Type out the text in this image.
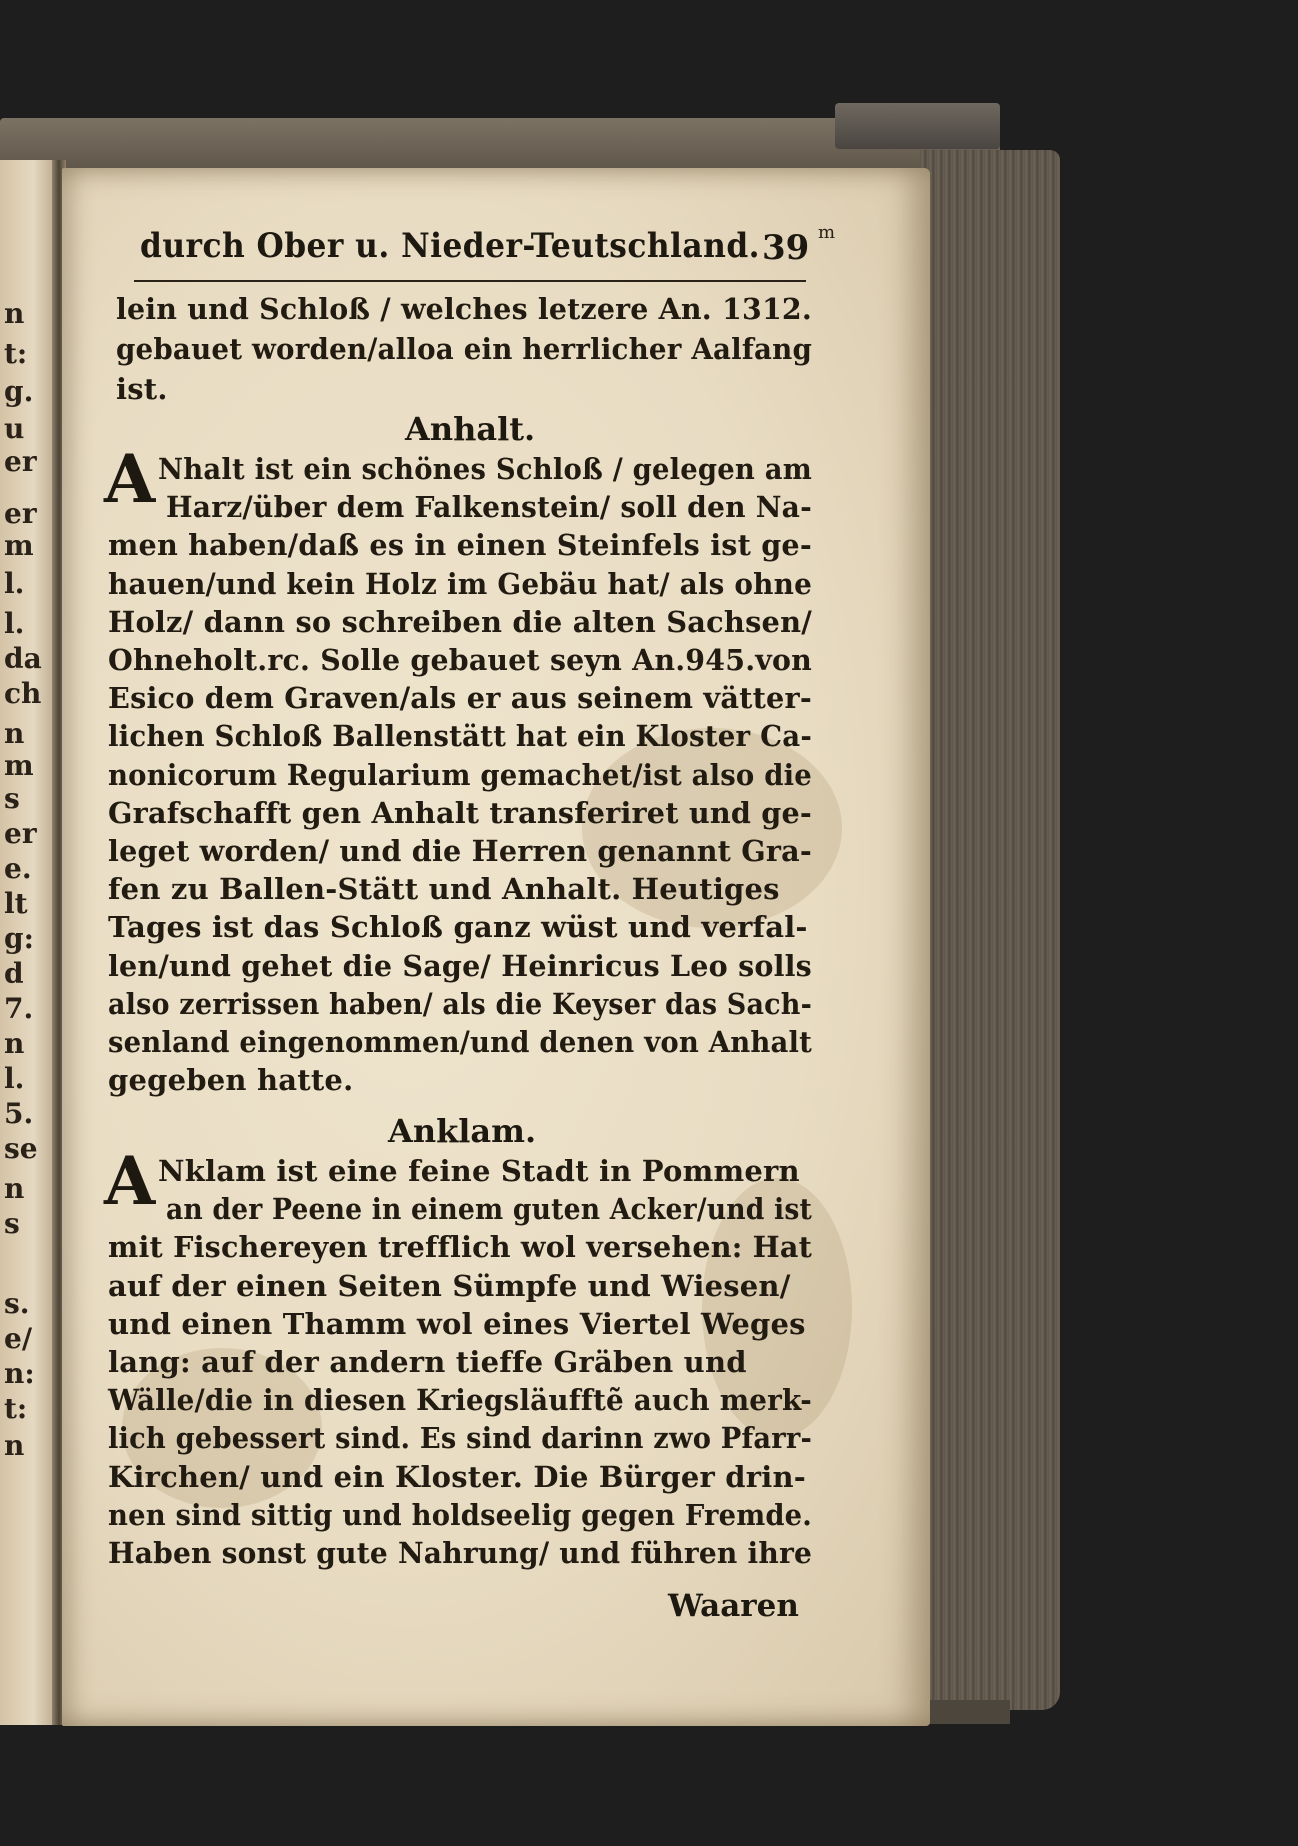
n
t:
g.
u
er
er
m
l.
l.
da
ch
n
m
s
er
e.
lt
g:
d
7.
n
l.
5.
se
n
s
s.
e/
n:
t:
n
durch Ober u. Nieder-Teutschland. 39 m
lein und Schloß / welches letzere An. 1312.
gebauet worden/alloa ein herrlicher Aalfang
ist.
Anhalt.
A Nhalt ist ein schönes Schloß / gelegen am
Harz/über dem Falkenstein/ soll den Na-
men haben/daß es in einen Steinfels ist ge-
hauen/und kein Holz im Gebäu hat/ als ohne
Holz/ dann so schreiben die alten Sachsen/
Ohneholt.rc. Solle gebauet seyn An.945.von
Esico dem Graven/als er aus seinem vätter-
lichen Schloß Ballenstätt hat ein Kloster Ca-
nonicorum Regularium gemachet/ist also die
Grafschafft gen Anhalt transferiret und ge-
leget worden/ und die Herren genannt Gra-
fen zu Ballen-Stätt und Anhalt. Heutiges
Tages ist das Schloß ganz wüst und verfal-
len/und gehet die Sage/ Heinricus Leo solls
also zerrissen haben/ als die Keyser das Sach-
senland eingenommen/und denen von Anhalt
gegeben hatte.
Anklam.
A Nklam ist eine feine Stadt in Pommern
an der Peene in einem guten Acker/und ist
mit Fischereyen trefflich wol versehen: Hat
auf der einen Seiten Sümpfe und Wiesen/
und einen Thamm wol eines Viertel Weges
lang: auf der andern tieffe Gräben und
Wälle/die in diesen Kriegsläufftẽ auch merk-
lich gebessert sind. Es sind darinn zwo Pfarr-
Kirchen/ und ein Kloster. Die Bürger drin-
nen sind sittig und holdseelig gegen Fremde.
Haben sonst gute Nahrung/ und führen ihre
Waaren
